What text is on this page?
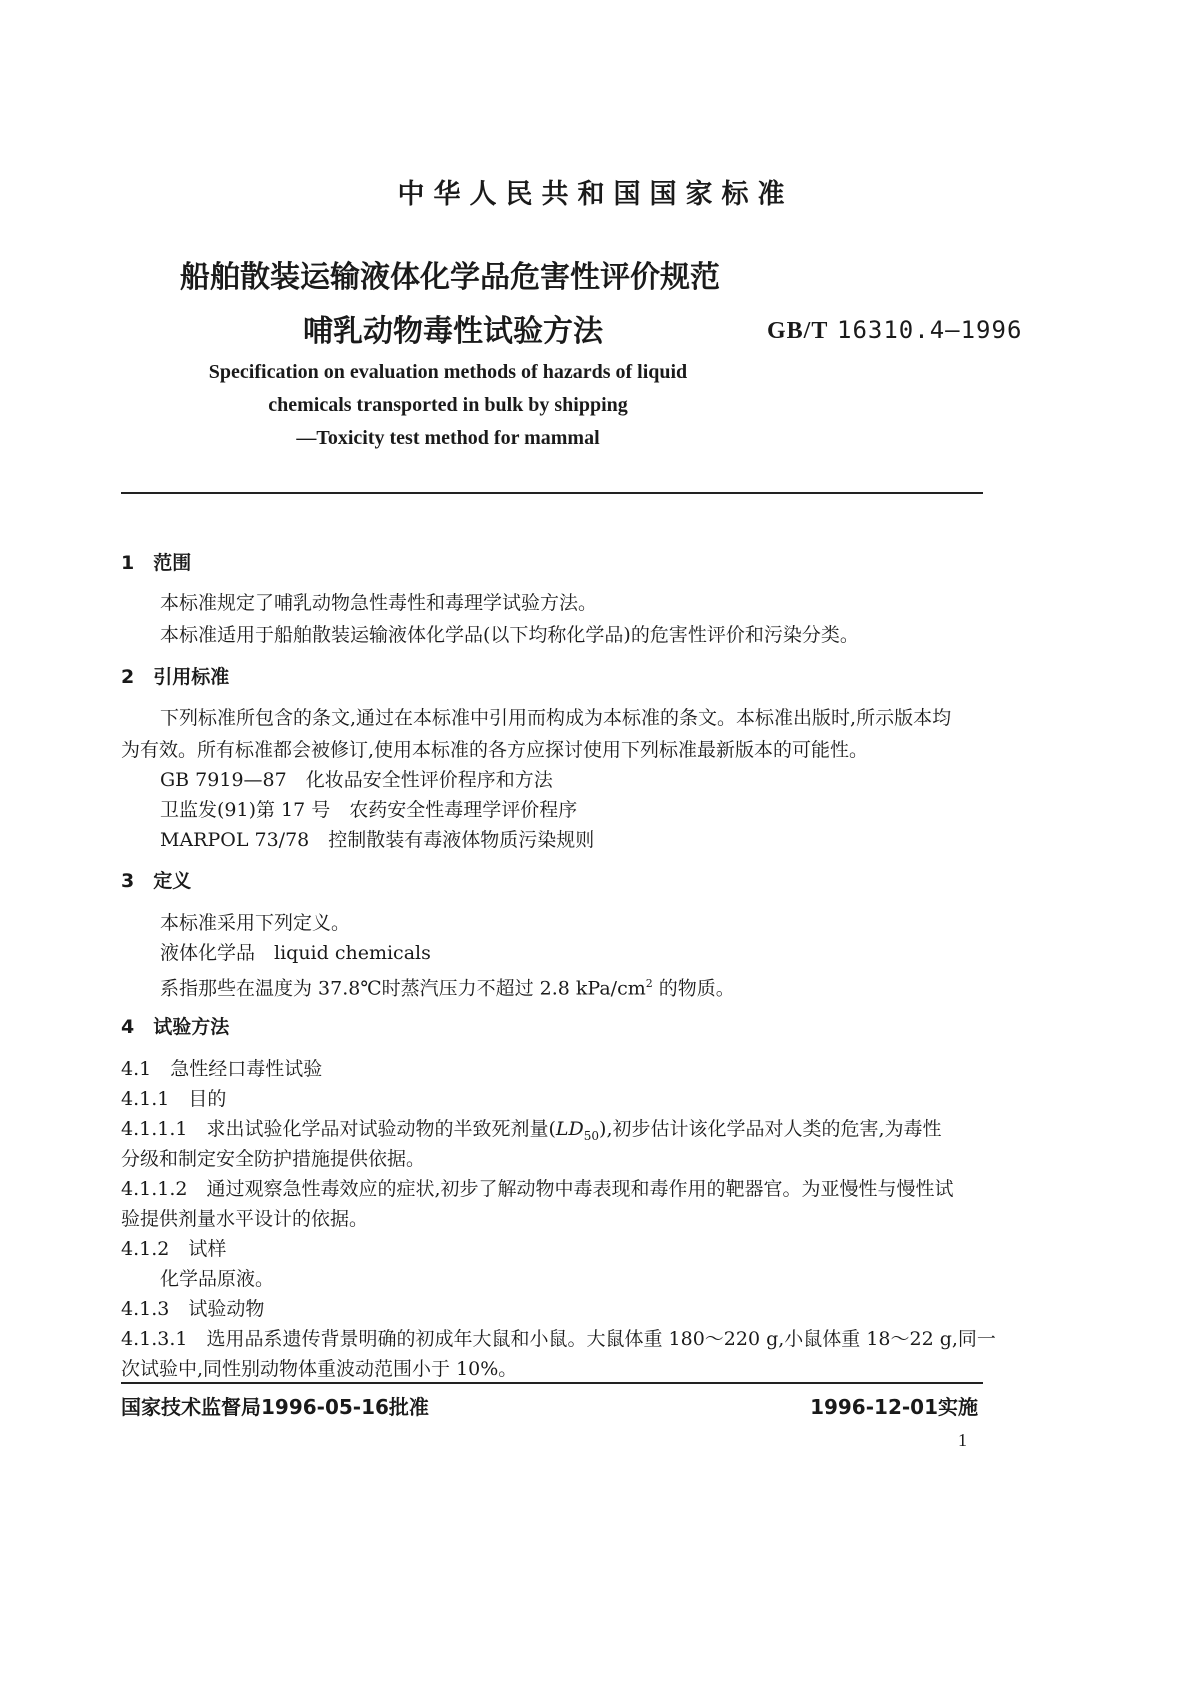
中华人民共和国国家标准
船舶散装运输液体化学品危害性评价规范
哺乳动物毒性试验方法	GB/T 16310.4—1996
Specification on evaluation methods of hazards of liquid
chemicals transported in bulk by shipping
—Toxicity test method for mammal
1　范围
本标准规定了哺乳动物急性毒性和毒理学试验方法。
本标准适用于船舶散装运输液体化学品(以下均称化学品)的危害性评价和污染分类。
2　引用标准
下列标准所包含的条文,通过在本标准中引用而构成为本标准的条文。本标准出版时,所示版本均
为有效。所有标准都会被修订,使用本标准的各方应探讨使用下列标准最新版本的可能性。
GB 7919—87　化妆品安全性评价程序和方法
卫监发(91)第 17 号　农药安全性毒理学评价程序
MARPOL 73/78　控制散装有毒液体物质污染规则
3　定义
本标准采用下列定义。
液体化学品　liquid chemicals
系指那些在温度为 37.8℃时蒸汽压力不超过 2.8 kPa/$cm^2$ 的物质。
4　试验方法
4.1　急性经口毒性试验
4.1.1　目的
4.1.1.1　求出试验化学品对试验动物的半致死剂量$(LD_{50})$,初步估计该化学品对人类的危害,为毒性
分级和制定安全防护措施提供依据。
4.1.1.2　通过观察急性毒效应的症状,初步了解动物中毒表现和毒作用的靶器官。为亚慢性与慢性试
验提供剂量水平设计的依据。
4.1.2　试样
化学品原液。
4.1.3　试验动物
4.1.3.1　选用品系遗传背景明确的初成年大鼠和小鼠。大鼠体重 180～220 g,小鼠体重 18～22 g,同一
次试验中,同性别动物体重波动范围小于 10%。
国家技术监督局1996-05-16批准	1996-12-01实施
1
